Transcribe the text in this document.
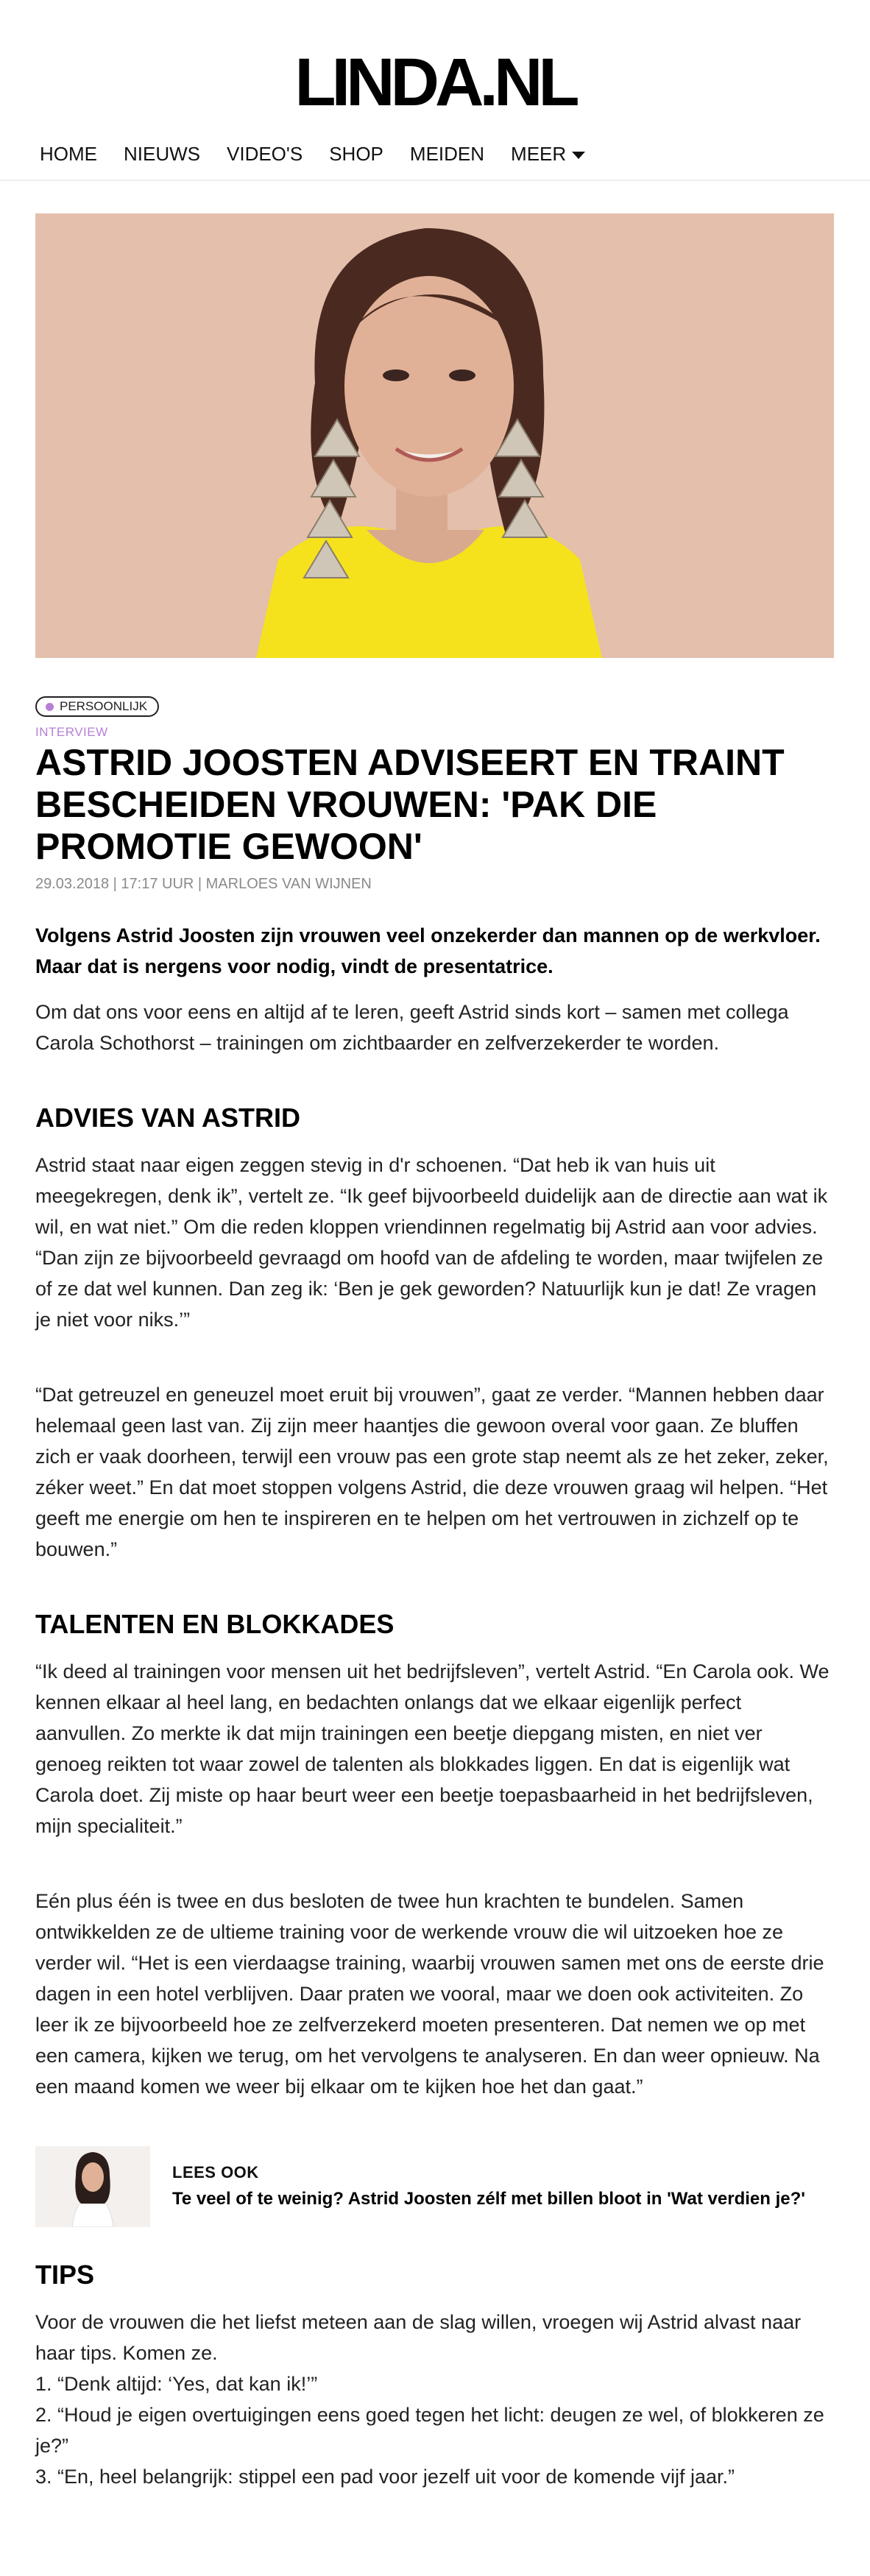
LINDA.NL
HOME NIEUWS VIDEO'S SHOP MEIDEN MEER
PERSOONLIJK
INTERVIEW
ASTRID JOOSTEN ADVISEERT EN TRAINT BESCHEIDEN VROUWEN: 'PAK DIE PROMOTIE GEWOON'
29.03.2018 | 17:17 UUR | MARLOES VAN WIJNEN

Volgens Astrid Joosten zijn vrouwen veel onzekerder dan mannen op de werkvloer. Maar dat is nergens voor nodig, vindt de presentatrice.

Om dat ons voor eens en altijd af te leren, geeft Astrid sinds kort – samen met collega Carola Schothorst – trainingen om zichtbaarder en zelfverzekerder te worden.

ADVIES VAN ASTRID

Astrid staat naar eigen zeggen stevig in d'r schoenen. “Dat heb ik van huis uit meegekregen, denk ik”, vertelt ze. “Ik geef bijvoorbeeld duidelijk aan de directie aan wat ik wil, en wat niet.” Om die reden kloppen vriendinnen regelmatig bij Astrid aan voor advies. “Dan zijn ze bijvoorbeeld gevraagd om hoofd van de afdeling te worden, maar twijfelen ze of ze dat wel kunnen. Dan zeg ik: ‘Ben je gek geworden? Natuurlijk kun je dat! Ze vragen je niet voor niks.’”

“Dat getreuzel en geneuzel moet eruit bij vrouwen”, gaat ze verder. “Mannen hebben daar helemaal geen last van. Zij zijn meer haantjes die gewoon overal voor gaan. Ze bluffen zich er vaak doorheen, terwijl een vrouw pas een grote stap neemt als ze het zeker, zeker, zéker weet.” En dat moet stoppen volgens Astrid, die deze vrouwen graag wil helpen. “Het geeft me energie om hen te inspireren en te helpen om het vertrouwen in zichzelf op te bouwen.”

TALENTEN EN BLOKKADES

“Ik deed al trainingen voor mensen uit het bedrijfsleven”, vertelt Astrid. “En Carola ook. We kennen elkaar al heel lang, en bedachten onlangs dat we elkaar eigenlijk perfect aanvullen. Zo merkte ik dat mijn trainingen een beetje diepgang misten, en niet ver genoeg reikten tot waar zowel de talenten als blokkades liggen. En dat is eigenlijk wat Carola doet. Zij miste op haar beurt weer een beetje toepasbaarheid in het bedrijfsleven, mijn specialiteit.”

Eén plus één is twee en dus besloten de twee hun krachten te bundelen. Samen ontwikkelden ze de ultieme training voor de werkende vrouw die wil uitzoeken hoe ze verder wil. “Het is een vierdaagse training, waarbij vrouwen samen met ons de eerste drie dagen in een hotel verblijven. Daar praten we vooral, maar we doen ook activiteiten. Zo leer ik ze bijvoorbeeld hoe ze zelfverzekerd moeten presenteren. Dat nemen we op met een camera, kijken we terug, om het vervolgens te analyseren. En dan weer opnieuw. Na een maand komen we weer bij elkaar om te kijken hoe het dan gaat.”

LEES OOK
Te veel of te weinig? Astrid Joosten zélf met billen bloot in 'Wat verdien je?'
TIPS

Voor de vrouwen die het liefst meteen aan de slag willen, vroegen wij Astrid alvast naar haar tips. Komen ze.

1. “Denk altijd: ‘Yes, dat kan ik!’”

2. “Houd je eigen overtuigingen eens goed tegen het licht: deugen ze wel, of blokkeren ze je?”

3. “En, heel belangrijk: stippel een pad voor jezelf uit voor de komende vijf jaar.”
